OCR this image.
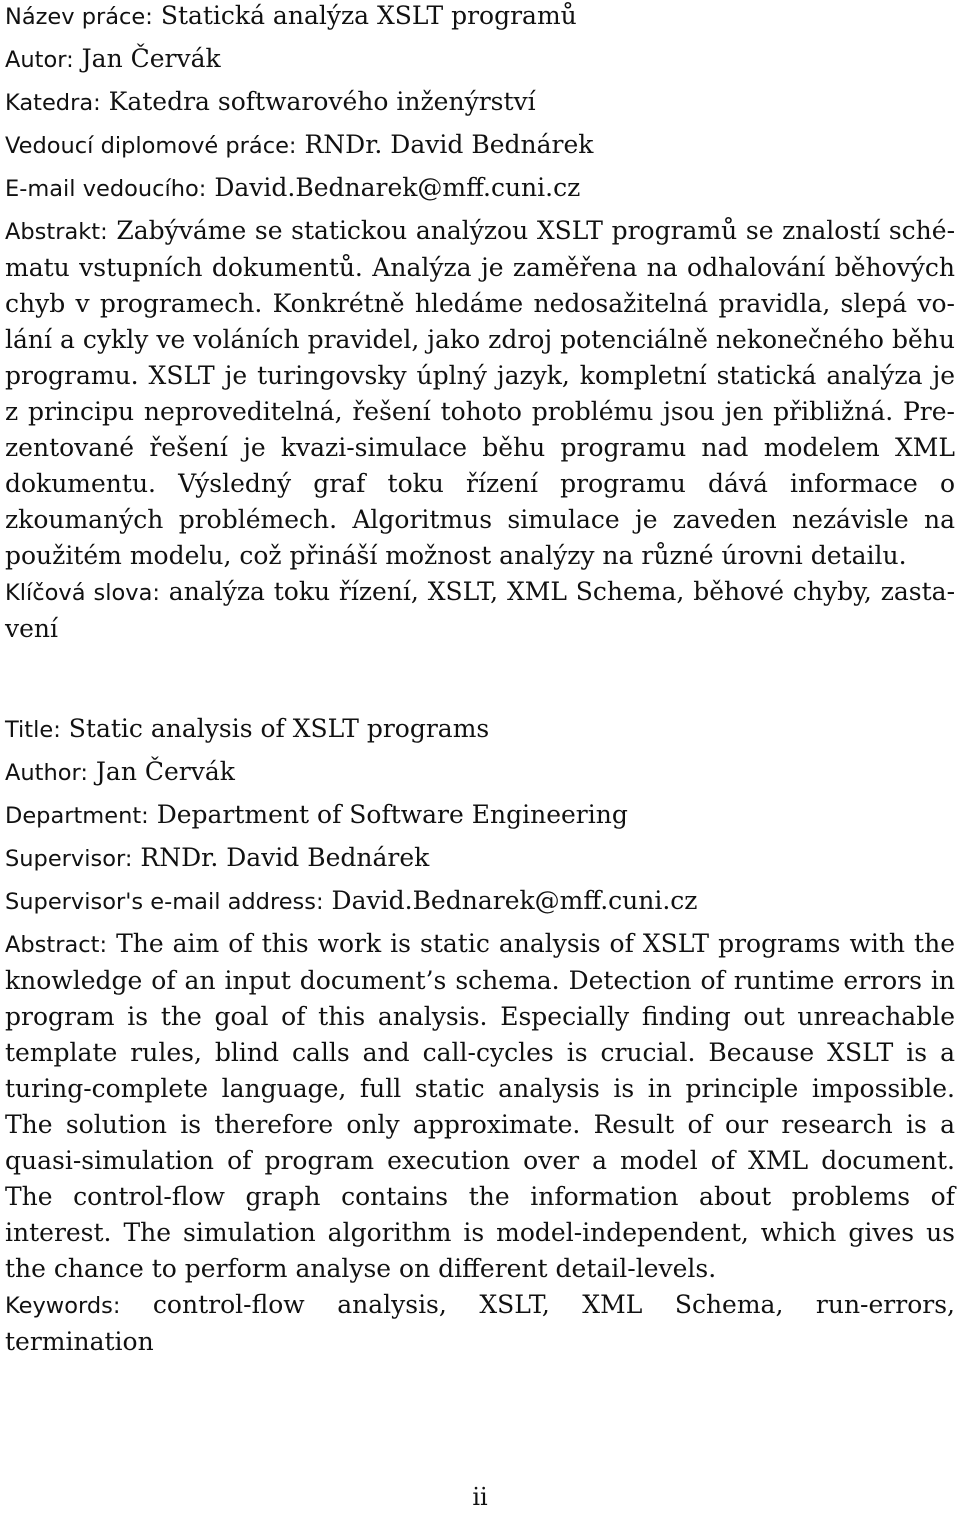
Název práce: Statická analýza XSLT programů

Autor: Jan Červák

Katedra: Katedra softwarového inženýrství

Vedoucí diplomové práce: RNDr. David Bednárek

E-mail vedoucího: David.Bednarek@mff.cuni.cz

Abstrakt: Zabýváme se statickou analýzou XSLT programů se znalostí schématu vstupních dokumentů. Analýza je zaměřena na odhalování běhových chyb v programech. Konkrétně hledáme nedosažitelná pravidla, slepá volání a cykly ve voláních pravidel, jako zdroj potenciálně nekonečného běhu programu. XSLT je turingovsky úplný jazyk, kompletní statická analýza je z principu neproveditelná, řešení tohoto problému jsou jen přibližná. Prezentované řešení je kvazi-simulace běhu programu nad modelem XML dokumentu. Výsledný graf toku řízení programu dává informace o zkoumaných problémech. Algoritmus simulace je zaveden nezávisle na použitém modelu, což přináší možnost analýzy na různé úrovni detailu.

Klíčová slova: analýza toku řízení, XSLT, XML Schema, běhové chyby, zastavení

Title: Static analysis of XSLT programs

Author: Jan Červák

Department: Department of Software Engineering

Supervisor: RNDr. David Bednárek

Supervisor's e-mail address: David.Bednarek@mff.cuni.cz

Abstract: The aim of this work is static analysis of XSLT programs with the knowledge of an input document’s schema. Detection of runtime errors in program is the goal of this analysis. Especially finding out unreachable template rules, blind calls and call-cycles is crucial. Because XSLT is a turing-complete language, full static analysis is in principle impossible. The solution is therefore only approximate. Result of our research is a quasi-simulation of program execution over a model of XML document. The control-flow graph contains the information about problems of interest. The simulation algorithm is model-independent, which gives us the chance to perform analyse on different detail-levels.

Keywords: control-flow analysis, XSLT, XML Schema, run-errors, termination

ii
